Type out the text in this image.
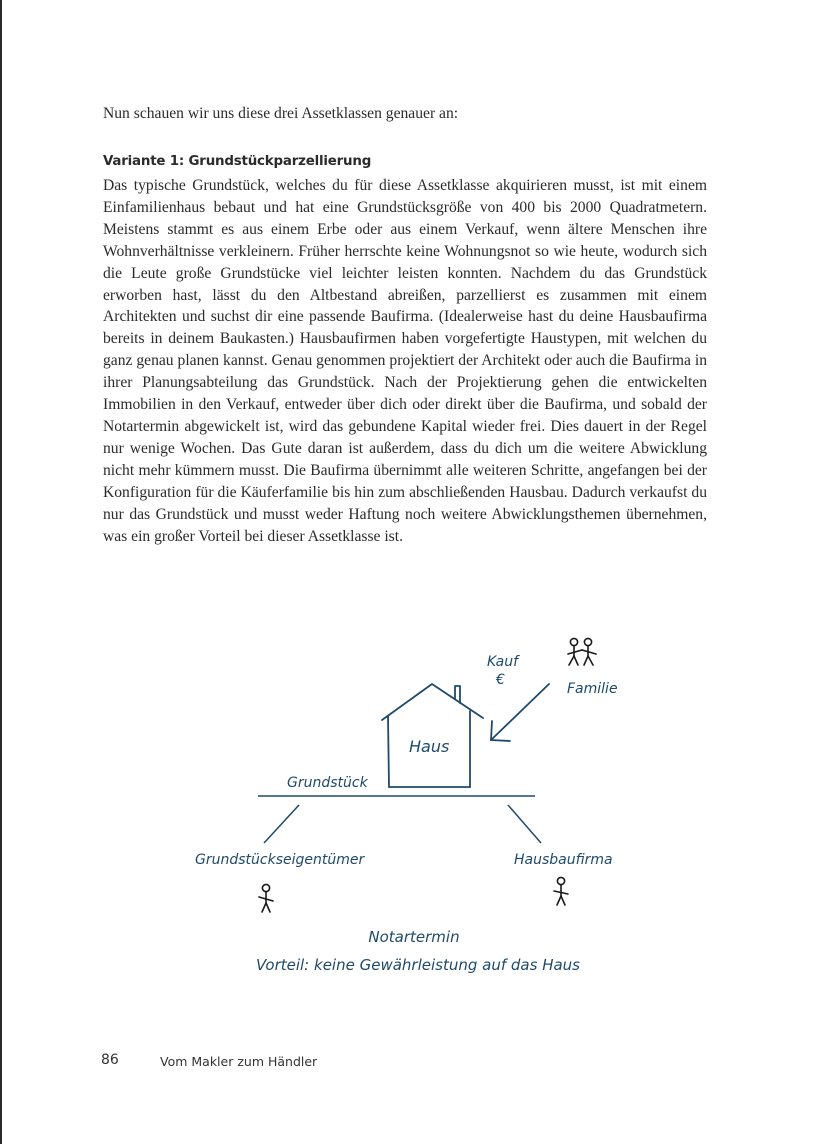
Nun schauen wir uns diese drei Assetklassen genauer an:

Variante 1: Grundstückparzellierung

Das typische Grundstück, welches du für diese Assetklasse akquirieren musst, ist mit einem Einfamilienhaus bebaut und hat eine Grundstücksgröße von 400 bis 2000 Quadratmetern. Meistens stammt es aus einem Erbe oder aus einem Verkauf, wenn ältere Menschen ihre Wohnverhältnisse verkleinern. Früher herrschte keine Wohnungsnot so wie heute, wodurch sich die Leute große Grundstücke viel leichter leisten konnten. Nachdem du das Grundstück erworben hast, lässt du den Altbestand abreißen, parzellierst es zusammen mit einem Architekten und suchst dir eine passende Baufirma. (Idealerweise hast du deine Hausbaufirma bereits in deinem Baukasten.) Hausbaufirmen haben vorgefertigte Haustypen, mit welchen du ganz genau planen kannst. Genau genommen projektiert der Architekt oder auch die Baufirma in ihrer Planungsabteilung das Grundstück. Nach der Projektierung gehen die entwickelten Immobilien in den Verkauf, entweder über dich oder direkt über die Baufirma, und sobald der Notartermin abgewickelt ist, wird das gebundene Kapital wieder frei. Dies dauert in der Regel nur wenige Wochen. Das Gute daran ist außerdem, dass du dich um die weitere Abwicklung nicht mehr kümmern musst. Die Baufirma übernimmt alle weiteren Schritte, angefangen bei der Konfiguration für die Käuferfamilie bis hin zum abschließenden Hausbau. Dadurch verkaufst du nur das Grundstück und musst weder Haftung noch weitere Abwicklungsthemen übernehmen, was ein großer Vorteil bei dieser Assetklasse ist.

Haus
Grundstück
Kauf
€
Familie
Grundstückseigentümer	Hausbaufirma
Notartermin
Vorteil: keine Gewährleistung auf das Haus
86	Vom Makler zum Händler
